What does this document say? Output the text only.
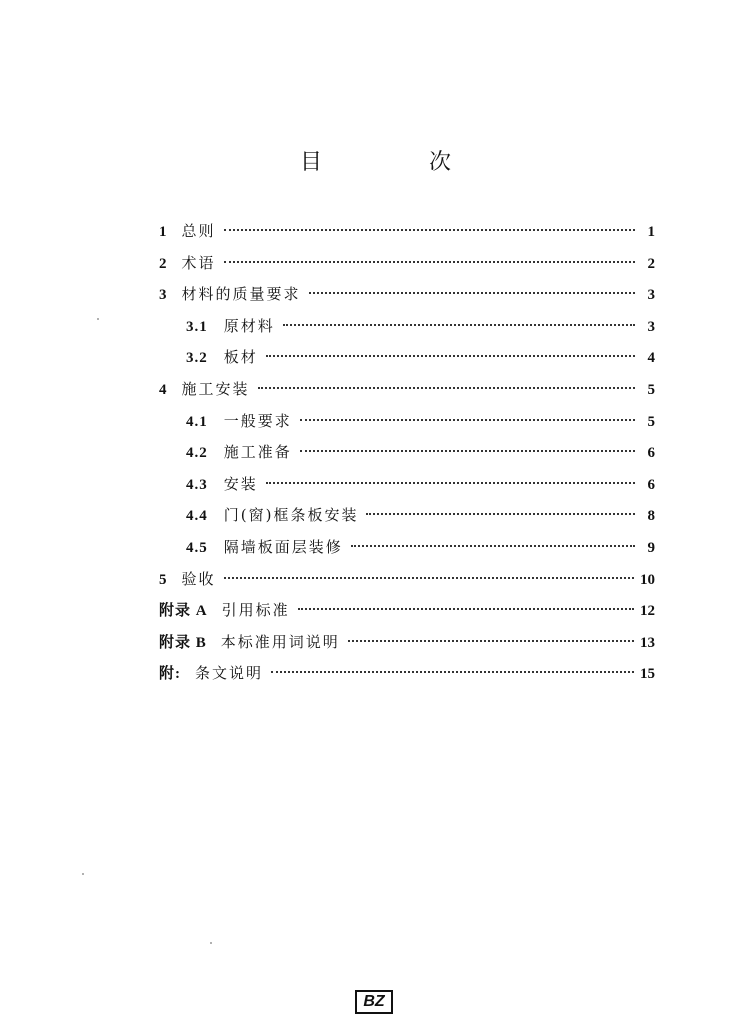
目 次
1 总则	1
2 术语	2
3 材料的质量要求	3
3.1 原材料	3
3.2 板材	4
4 施工安装	5
4.1 一般要求	5
4.2 施工准备	6
4.3 安装	6
4.4 门(窗)框条板安装	8
4.5 隔墙板面层装修	9
5 验收	10
附录 A 引用标准	12
附录 B 本标准用词说明	13
附: 条文说明	15
BZ
